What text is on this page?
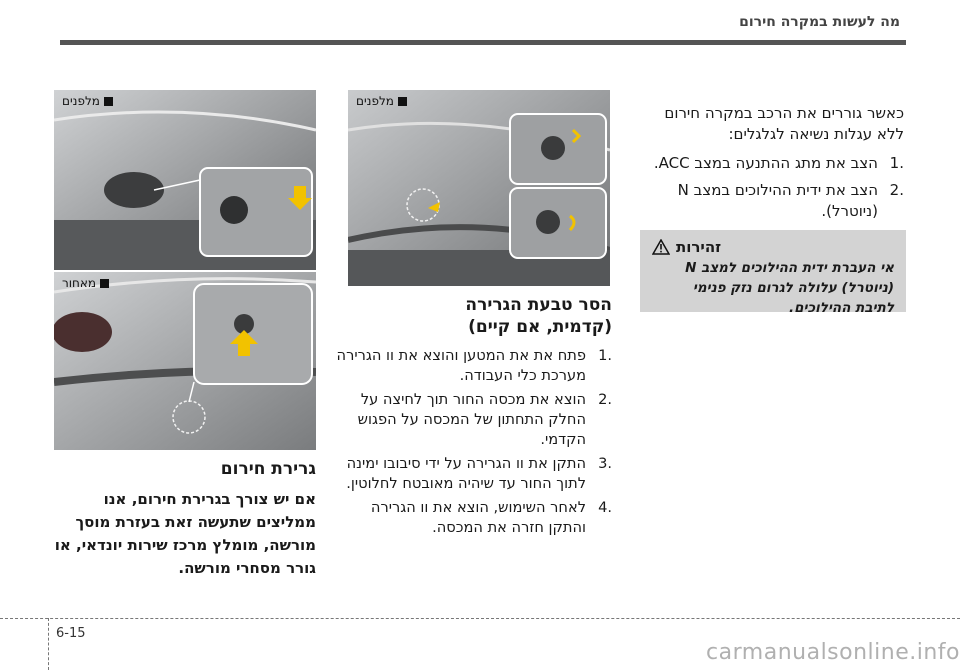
מה לעשות במקרה חירום

כאשר גוררים את הרכב במקרה חירום ללא עגלות נשיאה לגלגלים:

.1
הצב את מתג ההתנעה במצב ACC.
.2
הצב את ידית ההילוכים במצב N (ניוטרל).
זהירות
אי העברת ידית ההילוכים למצב N (ניוטרל) עלולה לגרום נזק פנימי לתיבת ההילוכים.
מלפנים
הסר טבעת הגרירה
(קדמית, אם קיים)
.1
פתח את את המטען והוצא את וו הגרירה מערכת כלי העבודה.
.2
הוצא את מכסה החור תוך לחיצה על החלק התחתון של המכסה על הפגוש הקדמי.
.3
התקן את וו הגרירה על ידי סיבובו ימינה לתוך החור עד שיהיה מאובטח לחלוטין.
.4
לאחר השימוש, הוצא את וו הגרירה והתקן חזרה את המכסה.
מלפנים
מאחור
גרירת חירום

אם יש צורך בגרירת חירום, אנו ממליצים שתעשה זאת בעזרת מוסך מורשה, מומלץ מרכז שירות יונדאי, או גורר מסחרי מורשה.

6-15
carmanualsonline.info
